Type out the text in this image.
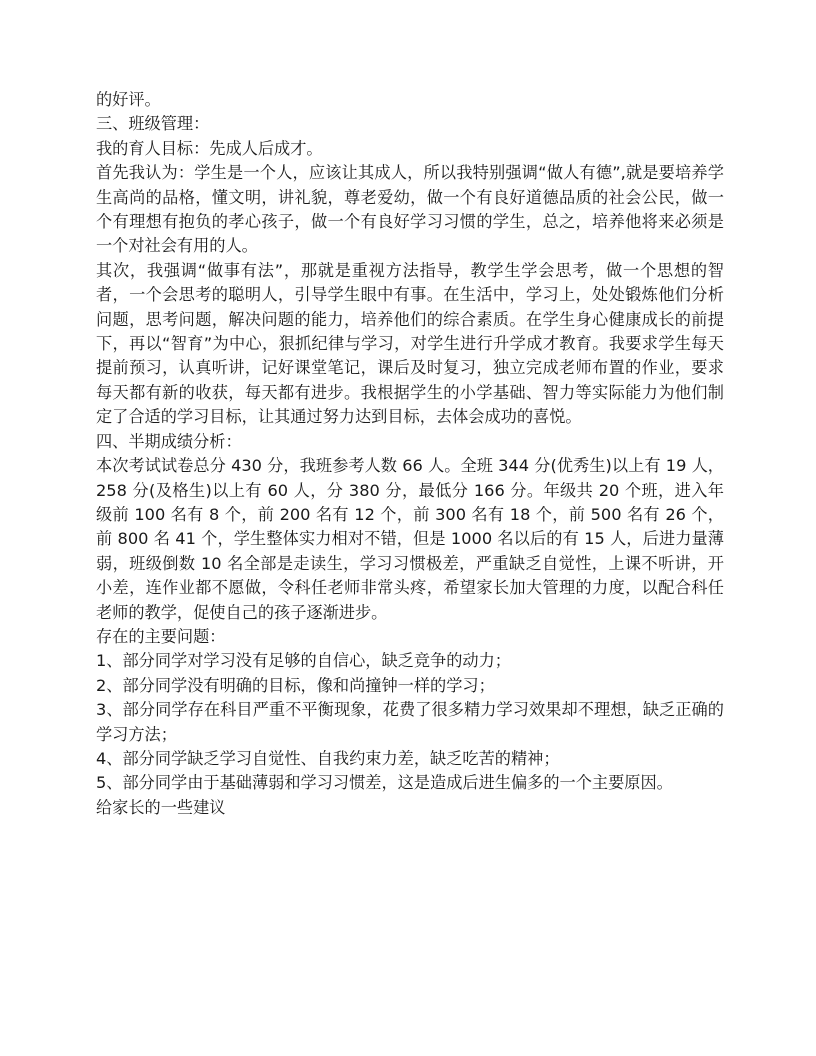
的好评。

三、班级管理：

我的育人目标：先成人后成才。

首先我认为：学生是一个人，应该让其成人，所以我特别强调“做人有德”,就是要培养学生高尚的品格，懂文明，讲礼貌，尊老爱幼，做一个有良好道德品质的社会公民，做一个有理想有抱负的孝心孩子，做一个有良好学习习惯的学生，总之，培养他将来必须是一个对社会有用的人。

其次，我强调“做事有法”，那就是重视方法指导，教学生学会思考，做一个思想的智者，一个会思考的聪明人，引导学生眼中有事。在生活中，学习上，处处锻炼他们分析问题，思考问题，解决问题的能力，培养他们的综合素质。在学生身心健康成长的前提下，再以“智育”为中心，狠抓纪律与学习，对学生进行升学成才教育。我要求学生每天提前预习，认真听讲，记好课堂笔记，课后及时复习，独立完成老师布置的作业，要求每天都有新的收获，每天都有进步。我根据学生的小学基础、智力等实际能力为他们制定了合适的学习目标，让其通过努力达到目标，去体会成功的喜悦。

四、半期成绩分析：

本次考试试卷总分 430 分，我班参考人数 66 人。全班 344 分(优秀生)以上有 19 人，258 分(及格生)以上有 60 人，分 380 分，最低分 166 分。年级共 20 个班，进入年级前 100 名有 8 个，前 200 名有 12 个，前 300 名有 18 个，前 500 名有 26 个，前 800 名 41 个，学生整体实力相对不错，但是 1000 名以后的有 15 人，后进力量薄弱，班级倒数 10 名全部是走读生，学习习惯极差，严重缺乏自觉性，上课不听讲，开小差，连作业都不愿做，令科任老师非常头疼，希望家长加大管理的力度，以配合科任老师的教学，促使自己的孩子逐渐进步。

存在的主要问题：

1、部分同学对学习没有足够的自信心，缺乏竞争的动力；

2、部分同学没有明确的目标，像和尚撞钟一样的学习；

3、部分同学存在科目严重不平衡现象，花费了很多精力学习效果却不理想，缺乏正确的学习方法；

4、部分同学缺乏学习自觉性、自我约束力差，缺乏吃苦的精神；

5、部分同学由于基础薄弱和学习习惯差，这是造成后进生偏多的一个主要原因。

给家长的一些建议
